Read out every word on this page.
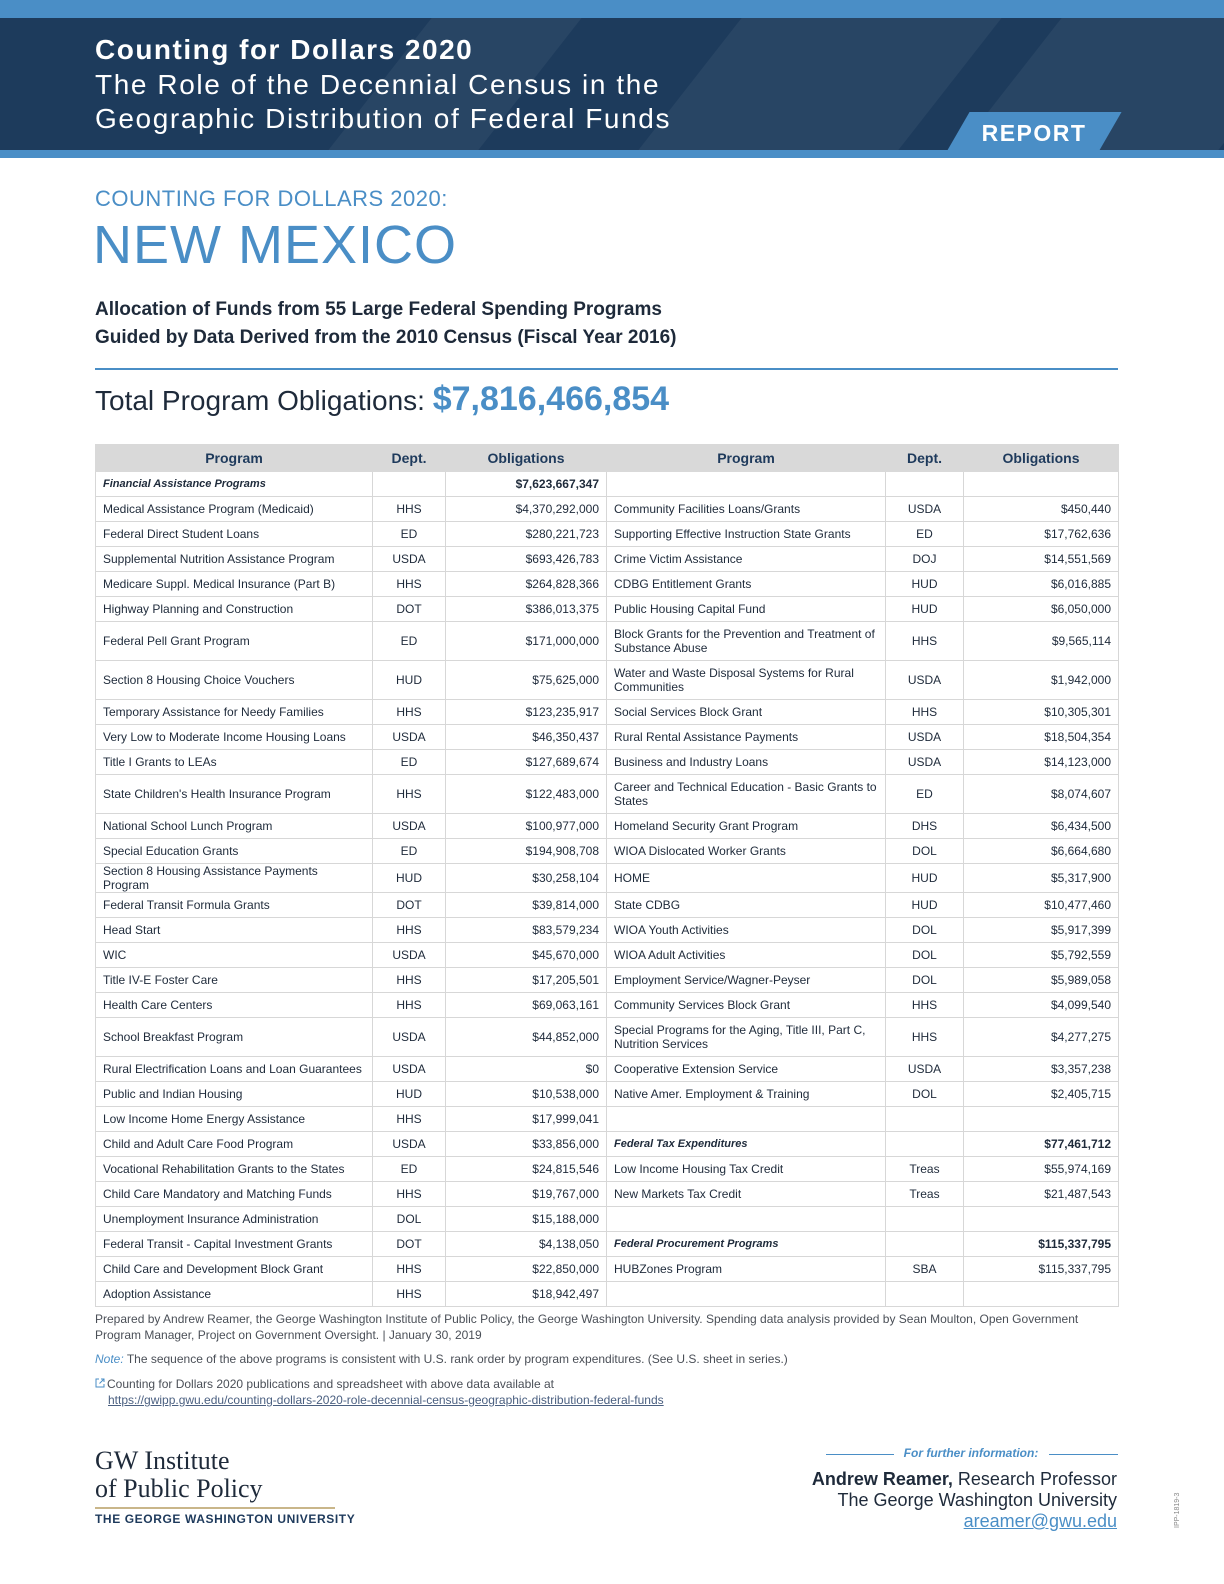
Counting for Dollars 2020
The Role of the Decennial Census in the
Geographic Distribution of Federal Funds	REPORT
COUNTING FOR DOLLARS 2020:
NEW MEXICO
Allocation of Funds from 55 Large Federal Spending Programs
Guided by Data Derived from the 2010 Census (Fiscal Year 2016)
Total Program Obligations: $7,816,466,854
Program	Dept.	Obligations	Program	Dept.	Obligations
Financial Assistance Programs		$7,623,667,347			
Medical Assistance Program (Medicaid)	HHS	$4,370,292,000	Community Facilities Loans/Grants	USDA	$450,440
Federal Direct Student Loans	ED	$280,221,723	Supporting Effective Instruction State Grants	ED	$17,762,636
Supplemental Nutrition Assistance Program	USDA	$693,426,783	Crime Victim Assistance	DOJ	$14,551,569
Medicare Suppl. Medical Insurance (Part B)	HHS	$264,828,366	CDBG Entitlement Grants	HUD	$6,016,885
Highway Planning and Construction	DOT	$386,013,375	Public Housing Capital Fund	HUD	$6,050,000
Federal Pell Grant Program	ED	$171,000,000	Block Grants for the Prevention and Treatment of Substance Abuse	HHS	$9,565,114
Section 8 Housing Choice Vouchers	HUD	$75,625,000	Water and Waste Disposal Systems for Rural Communities	USDA	$1,942,000
Temporary Assistance for Needy Families	HHS	$123,235,917	Social Services Block Grant	HHS	$10,305,301
Very Low to Moderate Income Housing Loans	USDA	$46,350,437	Rural Rental Assistance Payments	USDA	$18,504,354
Title I Grants to LEAs	ED	$127,689,674	Business and Industry Loans	USDA	$14,123,000
State Children's Health Insurance Program	HHS	$122,483,000	Career and Technical Education - Basic Grants to States	ED	$8,074,607
National School Lunch Program	USDA	$100,977,000	Homeland Security Grant Program	DHS	$6,434,500
Special Education Grants	ED	$194,908,708	WIOA Dislocated Worker Grants	DOL	$6,664,680
Section 8 Housing Assistance Payments Program	HUD	$30,258,104	HOME	HUD	$5,317,900
Federal Transit Formula Grants	DOT	$39,814,000	State CDBG	HUD	$10,477,460
Head Start	HHS	$83,579,234	WIOA Youth Activities	DOL	$5,917,399
WIC	USDA	$45,670,000	WIOA Adult Activities	DOL	$5,792,559
Title IV-E Foster Care	HHS	$17,205,501	Employment Service/Wagner-Peyser	DOL	$5,989,058
Health Care Centers	HHS	$69,063,161	Community Services Block Grant	HHS	$4,099,540
School Breakfast Program	USDA	$44,852,000	Special Programs for the Aging, Title III, Part C, Nutrition Services	HHS	$4,277,275
Rural Electrification Loans and Loan Guarantees	USDA	$0	Cooperative Extension Service	USDA	$3,357,238
Public and Indian Housing	HUD	$10,538,000	Native Amer. Employment & Training	DOL	$2,405,715
Low Income Home Energy Assistance	HHS	$17,999,041			
Child and Adult Care Food Program	USDA	$33,856,000	Federal Tax Expenditures		$77,461,712
Vocational Rehabilitation Grants to the States	ED	$24,815,546	Low Income Housing Tax Credit	Treas	$55,974,169
Child Care Mandatory and Matching Funds	HHS	$19,767,000	New Markets Tax Credit	Treas	$21,487,543
Unemployment Insurance Administration	DOL	$15,188,000			
Federal Transit - Capital Investment Grants	DOT	$4,138,050	Federal Procurement Programs		$115,337,795
Child Care and Development Block Grant	HHS	$22,850,000	HUBZones Program	SBA	$115,337,795
Adoption Assistance	HHS	$18,942,497			
Prepared by Andrew Reamer, the George Washington Institute of Public Policy, the George Washington University. Spending data analysis provided by Sean Moulton, Open Government Program Manager, Project on Government Oversight. | January 30, 2019
Note: The sequence of the above programs is consistent with U.S. rank order by program expenditures. (See U.S. sheet in series.)
Counting for Dollars 2020 publications and spreadsheet with above data available at
https://gwipp.gwu.edu/counting-dollars-2020-role-decennial-census-geographic-distribution-federal-funds
GW Institute
of Public Policy
THE GEORGE WASHINGTON UNIVERSITY
For further information:
Andrew Reamer, Research Professor
The George Washington University
areamer@gwu.edu	IPP-1819-3
